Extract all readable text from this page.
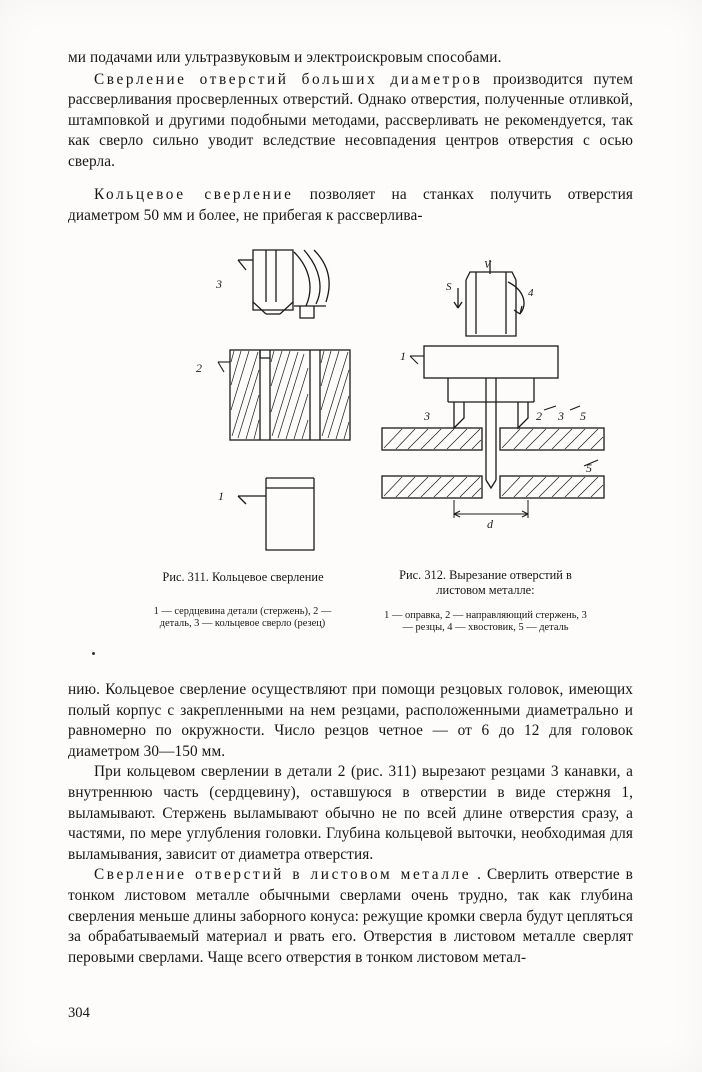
ми подачами или ультразвуковым и электроискровым способами.

Сверление отверстий больших диаметров производится путем рассверливания просверленных отверстий. Однако отверстия, полученные отливкой, штамповкой и другими подобными методами, рассверливать не рекомендуется, так как сверло сильно уводит вследствие несовпадения центров отверстия с осью сверла.

Кольцевое сверление позволяет на станках получить отверстия диаметром 50 мм и более, не прибегая к рассверлива-

3
2
1
V
S	4
1
3	2 3 5
5
d
Рис. 311. Кольцевое сверление
1 — сердцевина детали (стержень), 2 — деталь, 3 — кольцевое сверло (резец)
Рис. 312. Вырезание отверстий в листовом металле:
1 — оправка, 2 — направляющий стержень, 3 — резцы, 4 — хвостовик, 5 — деталь

нию. Кольцевое сверление осуществляют при помощи резцовых головок, имеющих полый корпус с закрепленными на нем резцами, расположенными диаметрально и равномерно по окружности. Число резцов четное — от 6 до 12 для головок диаметром 30—150 мм.

При кольцевом сверлении в детали 2 (рис. 311) вырезают резцами 3 канавки, а внутреннюю часть (сердцевину), оставшуюся в отверстии в виде стержня 1, выламывают. Стержень выламывают обычно не по всей длине отверстия сразу, а частями, по мере углубления головки. Глубина кольцевой выточки, необходимая для выламывания, зависит от диаметра отверстия.

Сверление отверстий в листовом металле . Сверлить отверстие в тонком листовом металле обычными сверлами очень трудно, так как глубина сверления меньше длины заборного конуса: режущие кромки сверла будут цепляться за обрабатываемый материал и рвать его. Отверстия в листовом металле сверлят перовыми сверлами. Чаще всего отверстия в тонком листовом метал-

304
